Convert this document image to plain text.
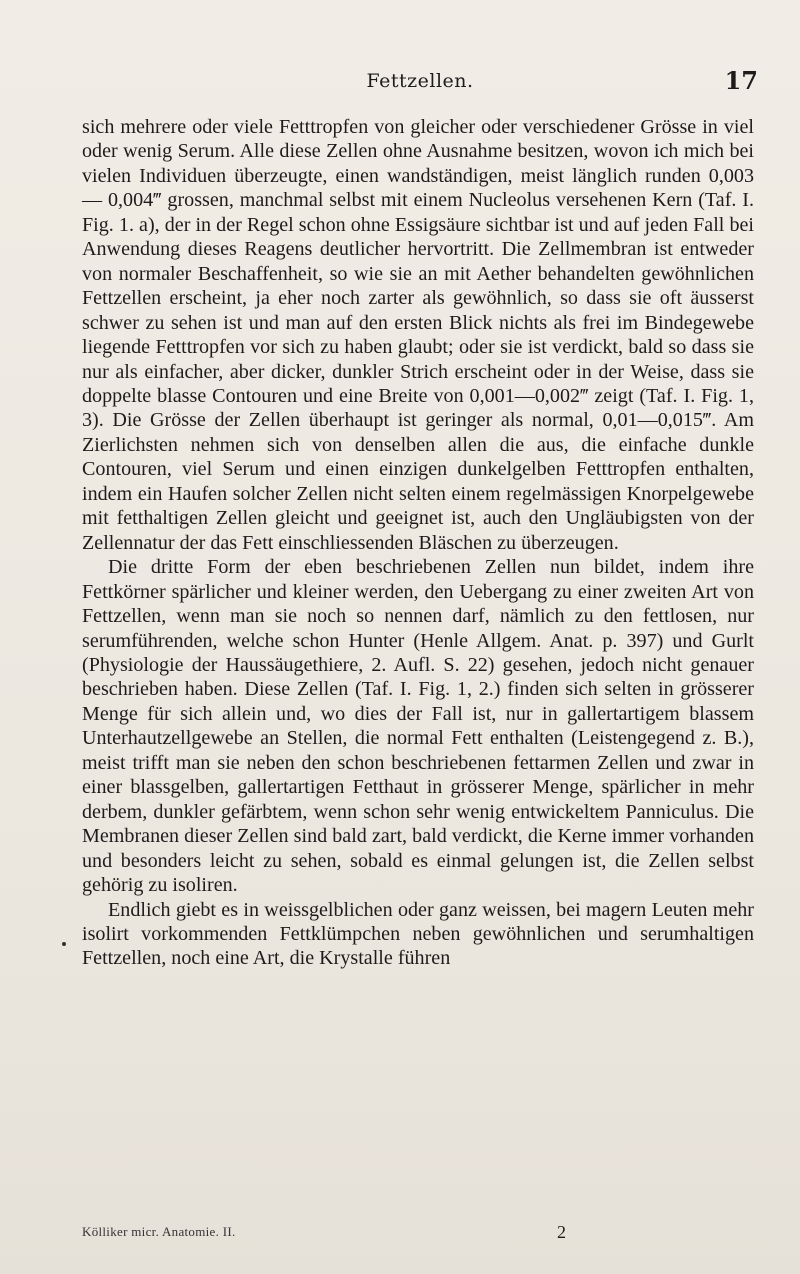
Fettzellen.	17

sich mehrere oder viele Fetttropfen von gleicher oder verschiedener Grösse in viel oder wenig Serum. Alle diese Zellen ohne Ausnahme besitzen, wovon ich mich bei vielen Individuen überzeugte, einen wandständigen, meist länglich runden 0,003 — 0,004‴ grossen, manchmal selbst mit einem Nucleolus versehenen Kern (Taf. I. Fig. 1. a), der in der Regel schon ohne Essigsäure sichtbar ist und auf jeden Fall bei Anwendung dieses Reagens deutlicher hervortritt. Die Zellmembran ist entweder von normaler Beschaffenheit, so wie sie an mit Aether behandelten gewöhnlichen Fettzellen erscheint, ja eher noch zarter als gewöhnlich, so dass sie oft äusserst schwer zu sehen ist und man auf den ersten Blick nichts als frei im Bindegewebe liegende Fetttropfen vor sich zu haben glaubt; oder sie ist verdickt, bald so dass sie nur als einfacher, aber dicker, dunkler Strich erscheint oder in der Weise, dass sie doppelte blasse Contouren und eine Breite von 0,001—0,002‴ zeigt (Taf. I. Fig. 1, 3). Die Grösse der Zellen überhaupt ist geringer als normal, 0,01—0,015‴. Am Zierlichsten nehmen sich von denselben allen die aus, die einfache dunkle Contouren, viel Serum und einen einzigen dunkelgelben Fetttropfen enthalten, indem ein Haufen solcher Zellen nicht selten einem regelmässigen Knorpelgewebe mit fetthaltigen Zellen gleicht und geeignet ist, auch den Ungläubigsten von der Zellennatur der das Fett einschliessenden Bläschen zu überzeugen.

Die dritte Form der eben beschriebenen Zellen nun bildet, indem ihre Fettkörner spärlicher und kleiner werden, den Uebergang zu einer zweiten Art von Fettzellen, wenn man sie noch so nennen darf, nämlich zu den fettlosen, nur serumführenden, welche schon Hunter (Henle Allgem. Anat. p. 397) und Gurlt (Physiologie der Haussäugethiere, 2. Aufl. S. 22) gesehen, jedoch nicht genauer beschrieben haben. Diese Zellen (Taf. I. Fig. 1, 2.) finden sich selten in grösserer Menge für sich allein und, wo dies der Fall ist, nur in gallertartigem blassem Unterhautzellgewebe an Stellen, die normal Fett enthalten (Leistengegend z. B.), meist trifft man sie neben den schon beschriebenen fettarmen Zellen und zwar in einer blassgelben, gallertartigen Fetthaut in grösserer Menge, spärlicher in mehr derbem, dunkler gefärbtem, wenn schon sehr wenig entwickeltem Panniculus. Die Membranen dieser Zellen sind bald zart, bald verdickt, die Kerne immer vorhanden und besonders leicht zu sehen, sobald es einmal gelungen ist, die Zellen selbst gehörig zu isoliren.

Endlich giebt es in weissgelblichen oder ganz weissen, bei magern Leuten mehr isolirt vorkommenden Fettklümpchen neben gewöhnlichen und serumhaltigen Fettzellen, noch eine Art, die Krystalle führen

Kölliker micr. Anatomie. II.	2
